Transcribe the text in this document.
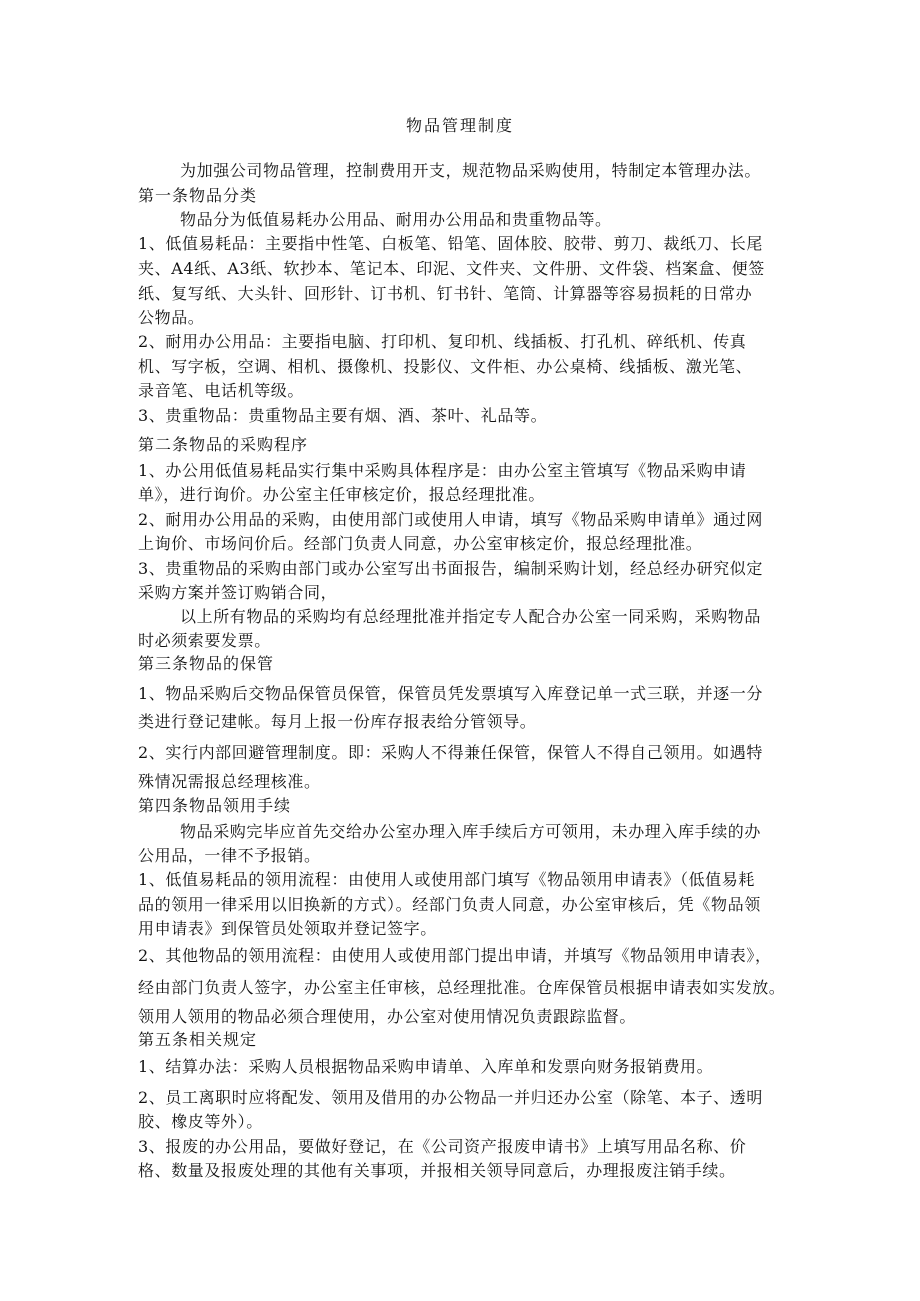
物品管理制度
为加强公司物品管理，控制费用开支，规范物品采购使用，特制定本管理办法。
第一条物品分类
物品分为低值易耗办公用品、耐用办公用品和贵重物品等。
1、低值易耗品：主要指中性笔、白板笔、铅笔、固体胶、胶带、剪刀、裁纸刀、长尾
夹、A4纸、A3纸、软抄本、笔记本、印泥、文件夹、文件册、文件袋、档案盒、便签
纸、复写纸、大头针、回形针、订书机、钉书针、笔筒、计算器等容易损耗的日常办
公物品。
2、耐用办公用品：主要指电脑、打印机、复印机、线插板、打孔机、碎纸机、传真
机、写字板，空调、相机、摄像机、投影仪、文件柜、办公桌椅、线插板、激光笔、
录音笔、电话机等级。
3、贵重物品：贵重物品主要有烟、酒、茶叶、礼品等。
第二条物品的采购程序
1、办公用低值易耗品实行集中采购具体程序是：由办公室主管填写《物品采购申请
单》，进行询价。办公室主任审核定价，报总经理批准。
2、耐用办公用品的采购，由使用部门或使用人申请，填写《物品采购申请单》通过网
上询价、市场问价后。经部门负责人同意，办公室审核定价，报总经理批准。
3、贵重物品的采购由部门或办公室写出书面报告，编制采购计划，经总经办研究似定
采购方案并签订购销合同，
以上所有物品的采购均有总经理批准并指定专人配合办公室一同采购，采购物品
时必须索要发票。
第三条物品的保管
1、物品采购后交物品保管员保管，保管员凭发票填写入库登记单一式三联，并逐一分
类进行登记建帐。每月上报一份库存报表给分管领导。
2、实行内部回避管理制度。即：采购人不得兼任保管，保管人不得自己领用。如遇特
殊情况需报总经理核准。
第四条物品领用手续
物品采购完毕应首先交给办公室办理入库手续后方可领用，未办理入库手续的办
公用品，一律不予报销。
1、低值易耗品的领用流程：由使用人或使用部门填写《物品领用申请表》（低值易耗
品的领用一律采用以旧换新的方式）。经部门负责人同意，办公室审核后，凭《物品领
用申请表》到保管员处领取并登记签字。
2、其他物品的领用流程：由使用人或使用部门提出申请，并填写《物品领用申请表》，
经由部门负责人签字，办公室主任审核，总经理批准。仓库保管员根据申请表如实发放。
领用人领用的物品必须合理使用，办公室对使用情况负责跟踪监督。
第五条相关规定
1、结算办法：采购人员根据物品采购申请单、入库单和发票向财务报销费用。
2、员工离职时应将配发、领用及借用的办公物品一并归还办公室（除笔、本子、透明
胶、橡皮等外）。
3、报废的办公用品，要做好登记，在《公司资产报废申请书》上填写用品名称、价
格、数量及报废处理的其他有关事项，并报相关领导同意后，办理报废注销手续。
